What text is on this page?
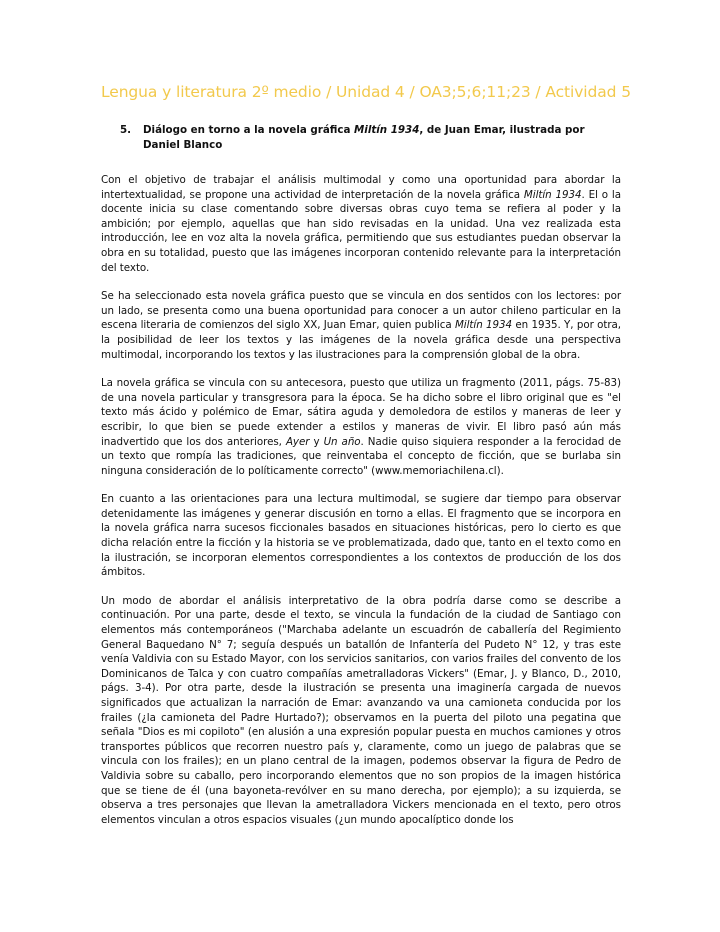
Lengua y literatura 2º medio / Unidad 4 / OA3;5;6;11;23 / Actividad 5
5.	Diálogo en torno a la novela gráfica Miltín 1934, de Juan Emar, ilustrada por Daniel Blanco

Con el objetivo de trabajar el análisis multimodal y como una oportunidad para abordar la intertextualidad, se propone una actividad de interpretación de la novela gráfica Miltín 1934. El o la docente inicia su clase comentando sobre diversas obras cuyo tema se refiera al poder y la ambición; por ejemplo, aquellas que han sido revisadas en la unidad. Una vez realizada esta introducción, lee en voz alta la novela gráfica, permitiendo que sus estudiantes puedan observar la obra en su totalidad, puesto que las imágenes incorporan contenido relevante para la interpretación del texto.

Se ha seleccionado esta novela gráfica puesto que se vincula en dos sentidos con los lectores: por un lado, se presenta como una buena oportunidad para conocer a un autor chileno particular en la escena literaria de comienzos del siglo XX, Juan Emar, quien publica Miltín 1934 en 1935. Y, por otra, la posibilidad de leer los textos y las imágenes de la novela gráfica desde una perspectiva multimodal, incorporando los textos y las ilustraciones para la comprensión global de la obra.

La novela gráfica se vincula con su antecesora, puesto que utiliza un fragmento (2011, págs. 75-83) de una novela particular y transgresora para la época. Se ha dicho sobre el libro original que es "el texto más ácido y polémico de Emar, sátira aguda y demoledora de estilos y maneras de leer y escribir, lo que bien se puede extender a estilos y maneras de vivir. El libro pasó aún más inadvertido que los dos anteriores, Ayer y Un año. Nadie quiso siquiera responder a la ferocidad de un texto que rompía las tradiciones, que reinventaba el concepto de ficción, que se burlaba sin ninguna consideración de lo políticamente correcto" (www.memoriachilena.cl).

En cuanto a las orientaciones para una lectura multimodal, se sugiere dar tiempo para observar detenidamente las imágenes y generar discusión en torno a ellas. El fragmento que se incorpora en la novela gráfica narra sucesos ficcionales basados en situaciones históricas, pero lo cierto es que dicha relación entre la ficción y la historia se ve problematizada, dado que, tanto en el texto como en la ilustración, se incorporan elementos correspondientes a los contextos de producción de los dos ámbitos.

Un modo de abordar el análisis interpretativo de la obra podría darse como se describe a continuación. Por una parte, desde el texto, se vincula la fundación de la ciudad de Santiago con elementos más contemporáneos ("Marchaba adelante un escuadrón de caballería del Regimiento General Baquedano N° 7; seguía después un batallón de Infantería del Pudeto N° 12, y tras este venía Valdivia con su Estado Mayor, con los servicios sanitarios, con varios frailes del convento de los Dominicanos de Talca y con cuatro compañías ametralladoras Vickers" (Emar, J. y Blanco, D., 2010, págs. 3-4). Por otra parte, desde la ilustración se presenta una imaginería cargada de nuevos significados que actualizan la narración de Emar: avanzando va una camioneta conducida por los frailes (¿la camioneta del Padre Hurtado?); observamos en la puerta del piloto una pegatina que señala "Dios es mi copiloto" (en alusión a una expresión popular puesta en muchos camiones y otros transportes públicos que recorren nuestro país y, claramente, como un juego de palabras que se vincula con los frailes); en un plano central de la imagen, podemos observar la figura de Pedro de Valdivia sobre su caballo, pero incorporando elementos que no son propios de la imagen histórica que se tiene de él (una bayoneta-revólver en su mano derecha, por ejemplo); a su izquierda, se observa a tres personajes que llevan la ametralladora Vickers mencionada en el texto, pero otros elementos vinculan a otros espacios visuales (¿un mundo apocalíptico donde los
